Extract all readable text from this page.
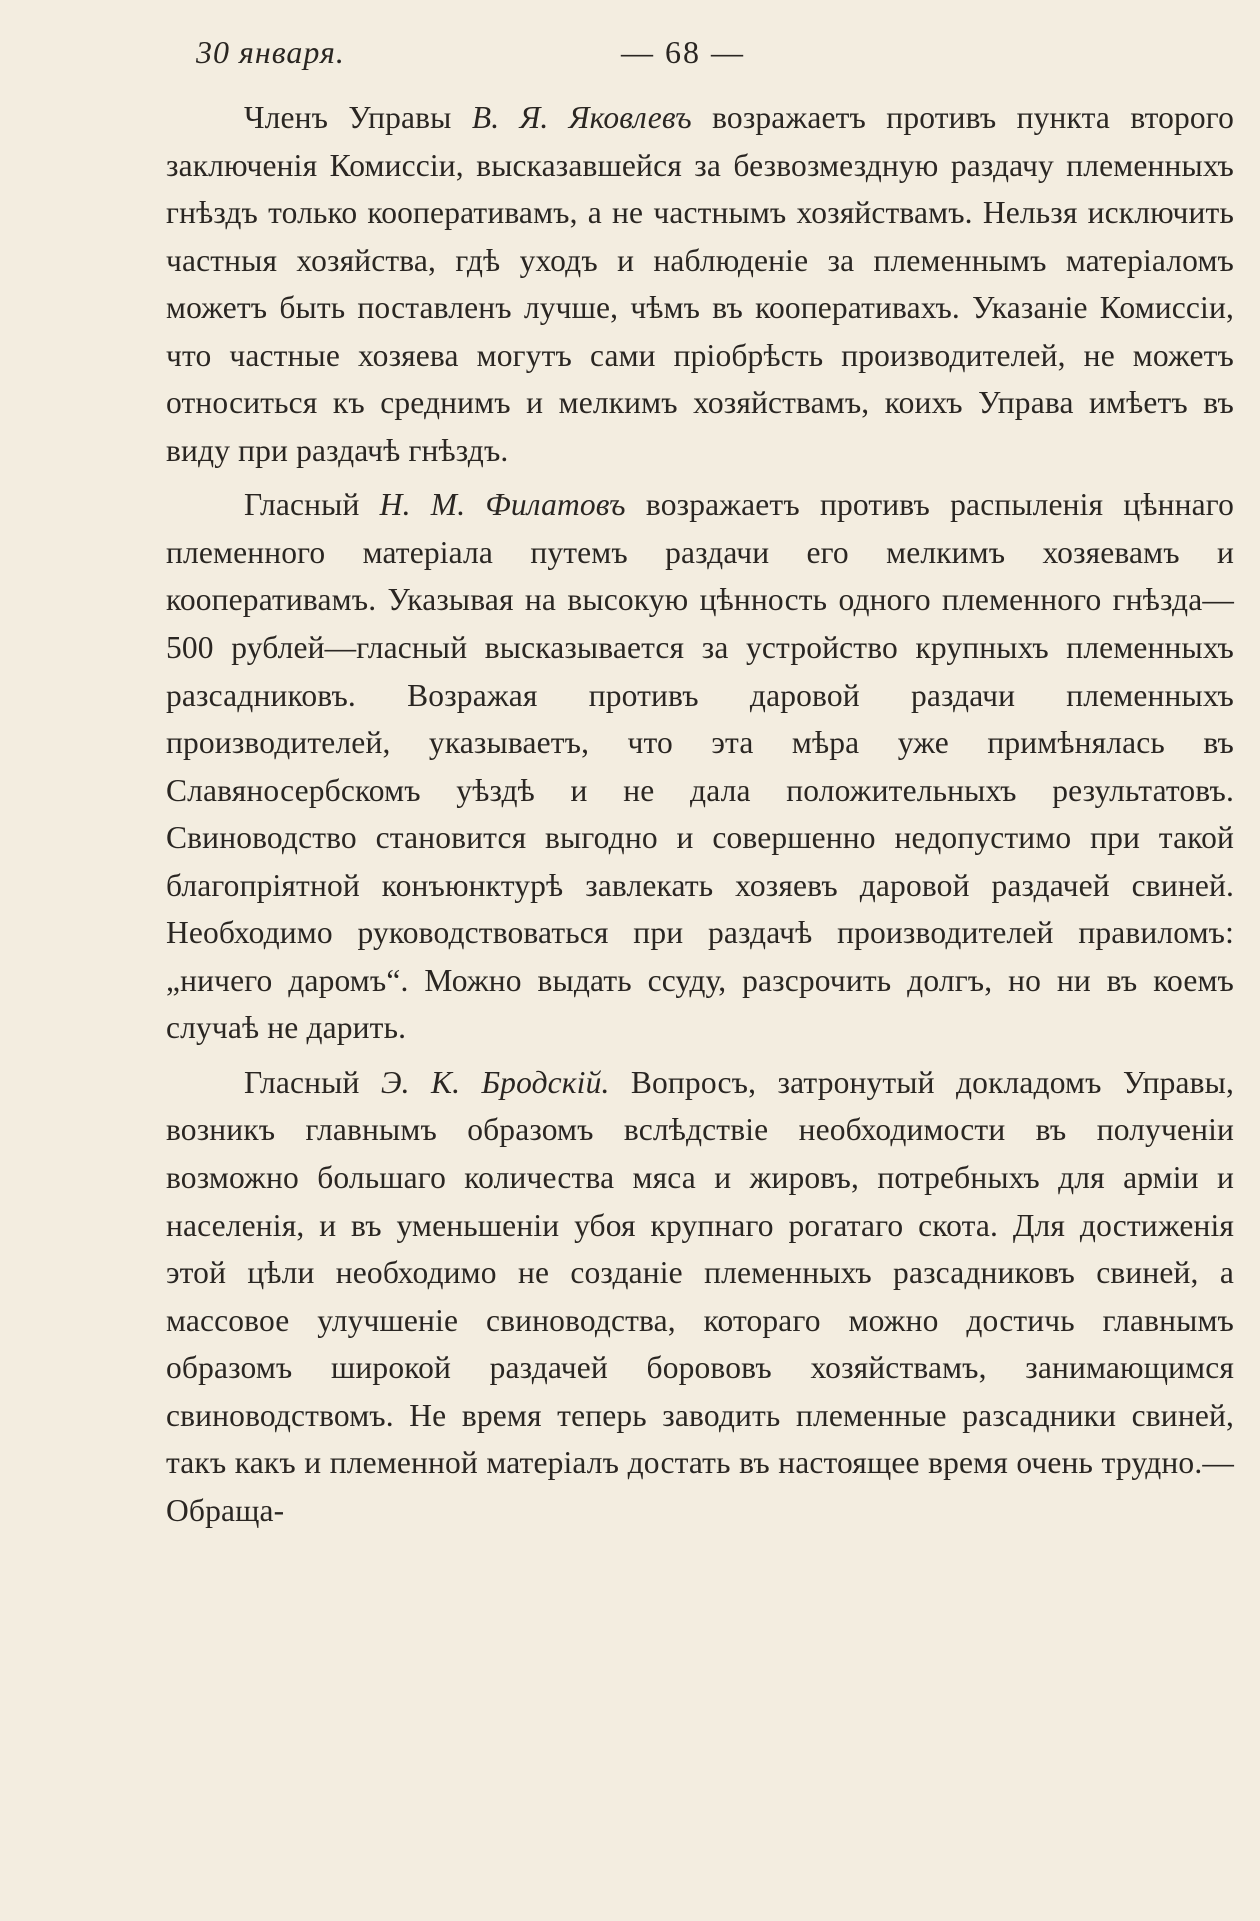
30 января.	— 68 —

Членъ Управы В. Я. Яковлевъ возражаетъ противъ пункта второго заключенія Комиссіи, высказавшейся за безвозмездную раздачу племенныхъ гнѣздъ только кооперативамъ, а не частнымъ хозяйствамъ. Нельзя исключить частныя хозяйства, гдѣ уходъ и наблюденіе за племеннымъ матеріаломъ можетъ быть поставленъ лучше, чѣмъ въ кооперативахъ. Указаніе Комиссіи, что частные хозяева могутъ сами пріобрѣсть производителей, не можетъ относиться къ среднимъ и мелкимъ хозяйствамъ, коихъ Управа имѣетъ въ виду при раздачѣ гнѣздъ.

Гласный Н. М. Филатовъ возражаетъ противъ распыленія цѣннаго племенного матеріала путемъ раздачи его мелкимъ хозяевамъ и кооперативамъ. Указывая на высокую цѣнность одного племенного гнѣзда—500 рублей—гласный высказывается за устройство крупныхъ племенныхъ разсадниковъ. Возражая противъ даровой раздачи племенныхъ производителей, указываетъ, что эта мѣра уже примѣнялась въ Славяносербскомъ уѣздѣ и не дала положительныхъ результатовъ. Свиноводство становится выгодно и совершенно недопустимо при такой благопріятной конъюнктурѣ завлекать хозяевъ даровой раздачей свиней. Необходимо руководствоваться при раздачѣ производителей правиломъ: „ничего даромъ“. Можно выдать ссуду, разсрочить долгъ, но ни въ коемъ случаѣ не дарить.

Гласный Э. К. Бродскій. Вопросъ, затронутый докладомъ Управы, возникъ главнымъ образомъ вслѣдствіе необходимости въ полученіи возможно большаго количества мяса и жировъ, потребныхъ для арміи и населенія, и въ уменьшеніи убоя крупнаго рогатаго скота. Для достиженія этой цѣли необходимо не созданіе племенныхъ разсадниковъ свиней, а массовое улучшеніе свиноводства, котораго можно достичь главнымъ образомъ широкой раздачей борововъ хозяйствамъ, занимающимся свиноводствомъ. Не время теперь заводить племенные разсадники свиней, такъ какъ и племенной матеріалъ достать въ настоящее время очень трудно.—Обраща-
